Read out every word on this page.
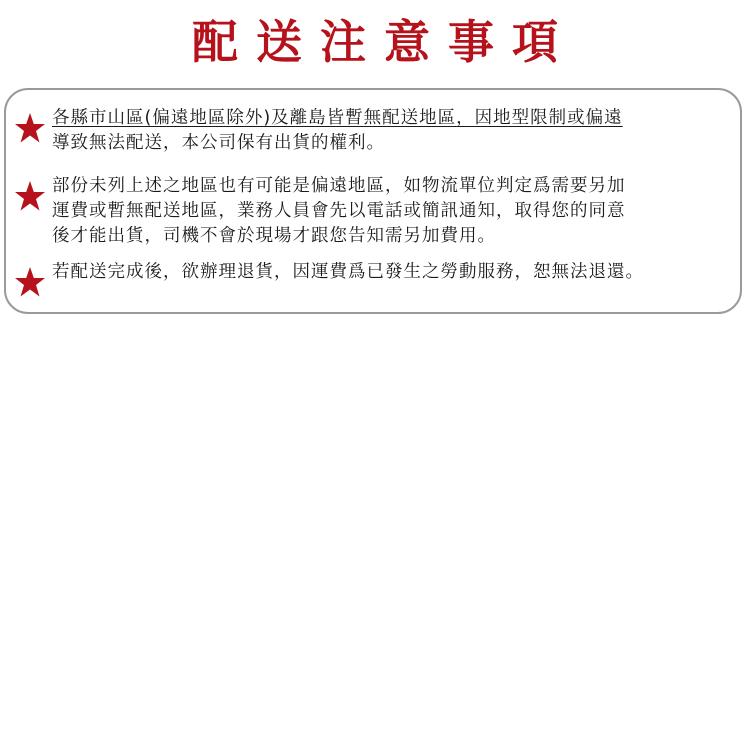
配送注意事項
各縣市山區(偏遠地區除外)及離島皆暫無配送地區，因地型限制或偏遠
導致無法配送，本公司保有出貨的權利。
部份未列上述之地區也有可能是偏遠地區，如物流單位判定爲需要另加
運費或暫無配送地區，業務人員會先以電話或簡訊通知，取得您的同意
後才能出貨，司機不會於現場才跟您告知需另加費用。
若配送完成後，欲辦理退貨，因運費爲已發生之勞動服務，恕無法退還。
